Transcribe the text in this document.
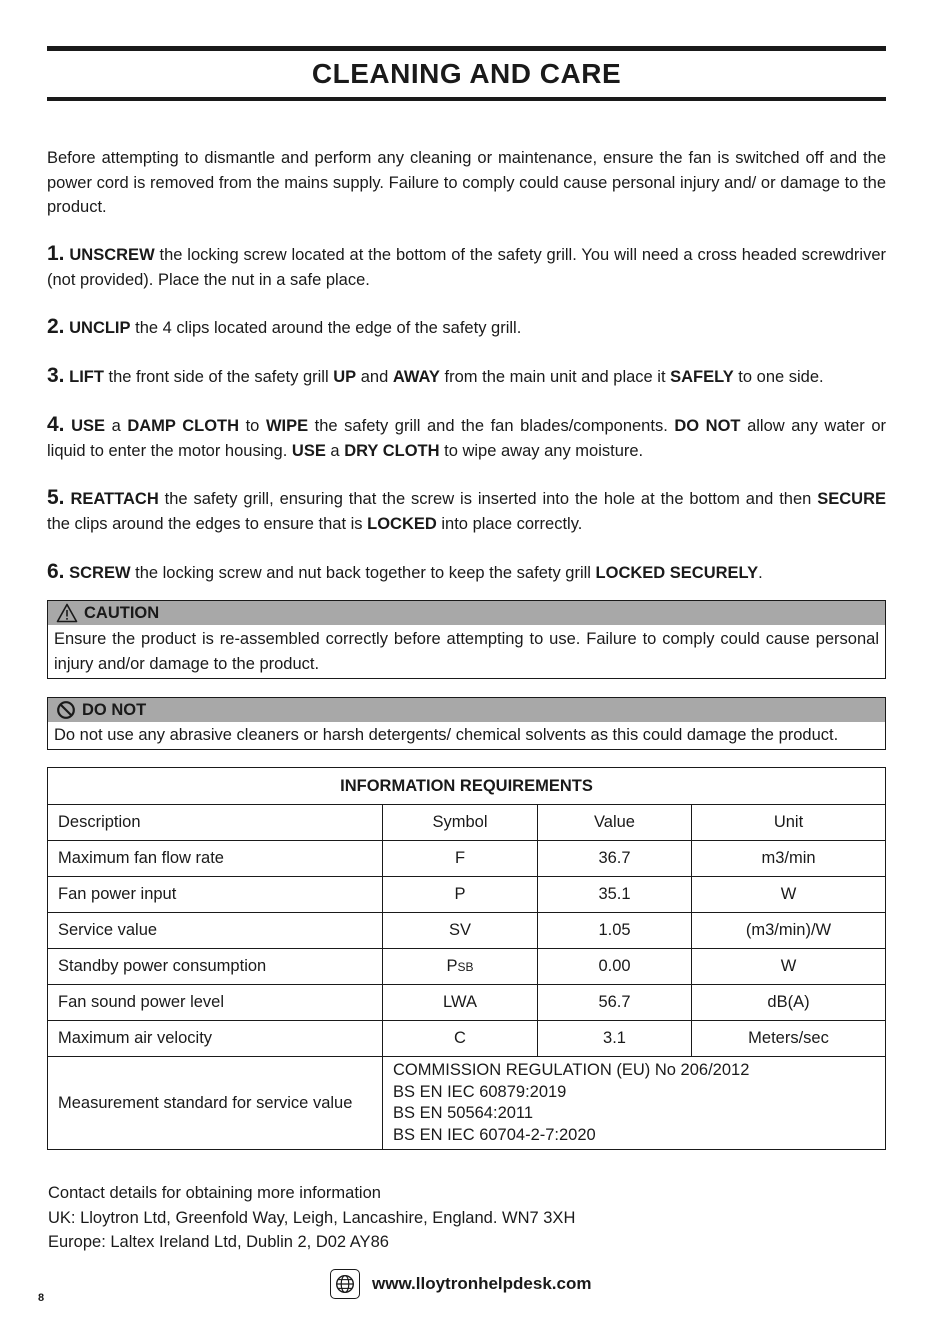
CLEANING AND CARE
Before attempting to dismantle and perform any cleaning or maintenance, ensure the fan is switched off and the power cord is removed from the mains supply. Failure to comply could cause personal injury and/ or damage to the product.
1. UNSCREW the locking screw located at the bottom of the safety grill. You will need a cross headed screwdriver (not provided). Place the nut in a safe place.
2. UNCLIP the 4 clips located around the edge of the safety grill.
3. LIFT the front side of the safety grill UP and AWAY from the main unit and place it SAFELY to one side.
4. USE a DAMP CLOTH to WIPE the safety grill and the fan blades/components. DO NOT allow any water or liquid to enter the motor housing. USE a DRY CLOTH to wipe away any moisture.
5. REATTACH the safety grill, ensuring that the screw is inserted into the hole at the bottom and then SECURE the clips around the edges to ensure that is LOCKED into place correctly.
6. SCREW the locking screw and nut back together to keep the safety grill LOCKED SECURELY.
CAUTION
Ensure the product is re-assembled correctly before attempting to use. Failure to comply could cause personal injury and/or damage to the product.
DO NOT
Do not use any abrasive cleaners or harsh detergents/ chemical solvents as this could damage the product.
INFORMATION REQUIREMENTS			
Description	Symbol	Value	Unit
Maximum fan flow rate	F	36.7	m3/min
Fan power input	P	35.1	W
Service value	SV	1.05	(m3/min)/W
Standby power consumption	PSB	0.00	W
Fan sound power level	LWA	56.7	dB(A)
Maximum air velocity	C	3.1	Meters/sec
Measurement standard for service value	COMMISSION REGULATION (EU) No 206/2012
BS EN IEC 60879:2019
BS EN 50564:2011
BS EN IEC 60704-2-7:2020		
Contact details for obtaining more information
UK: Lloytron Ltd, Greenfold Way, Leigh, Lancashire, England. WN7 3XH
Europe: Laltex Ireland Ltd, Dublin 2, D02 AY86
8
www.lloytronhelpdesk.com
